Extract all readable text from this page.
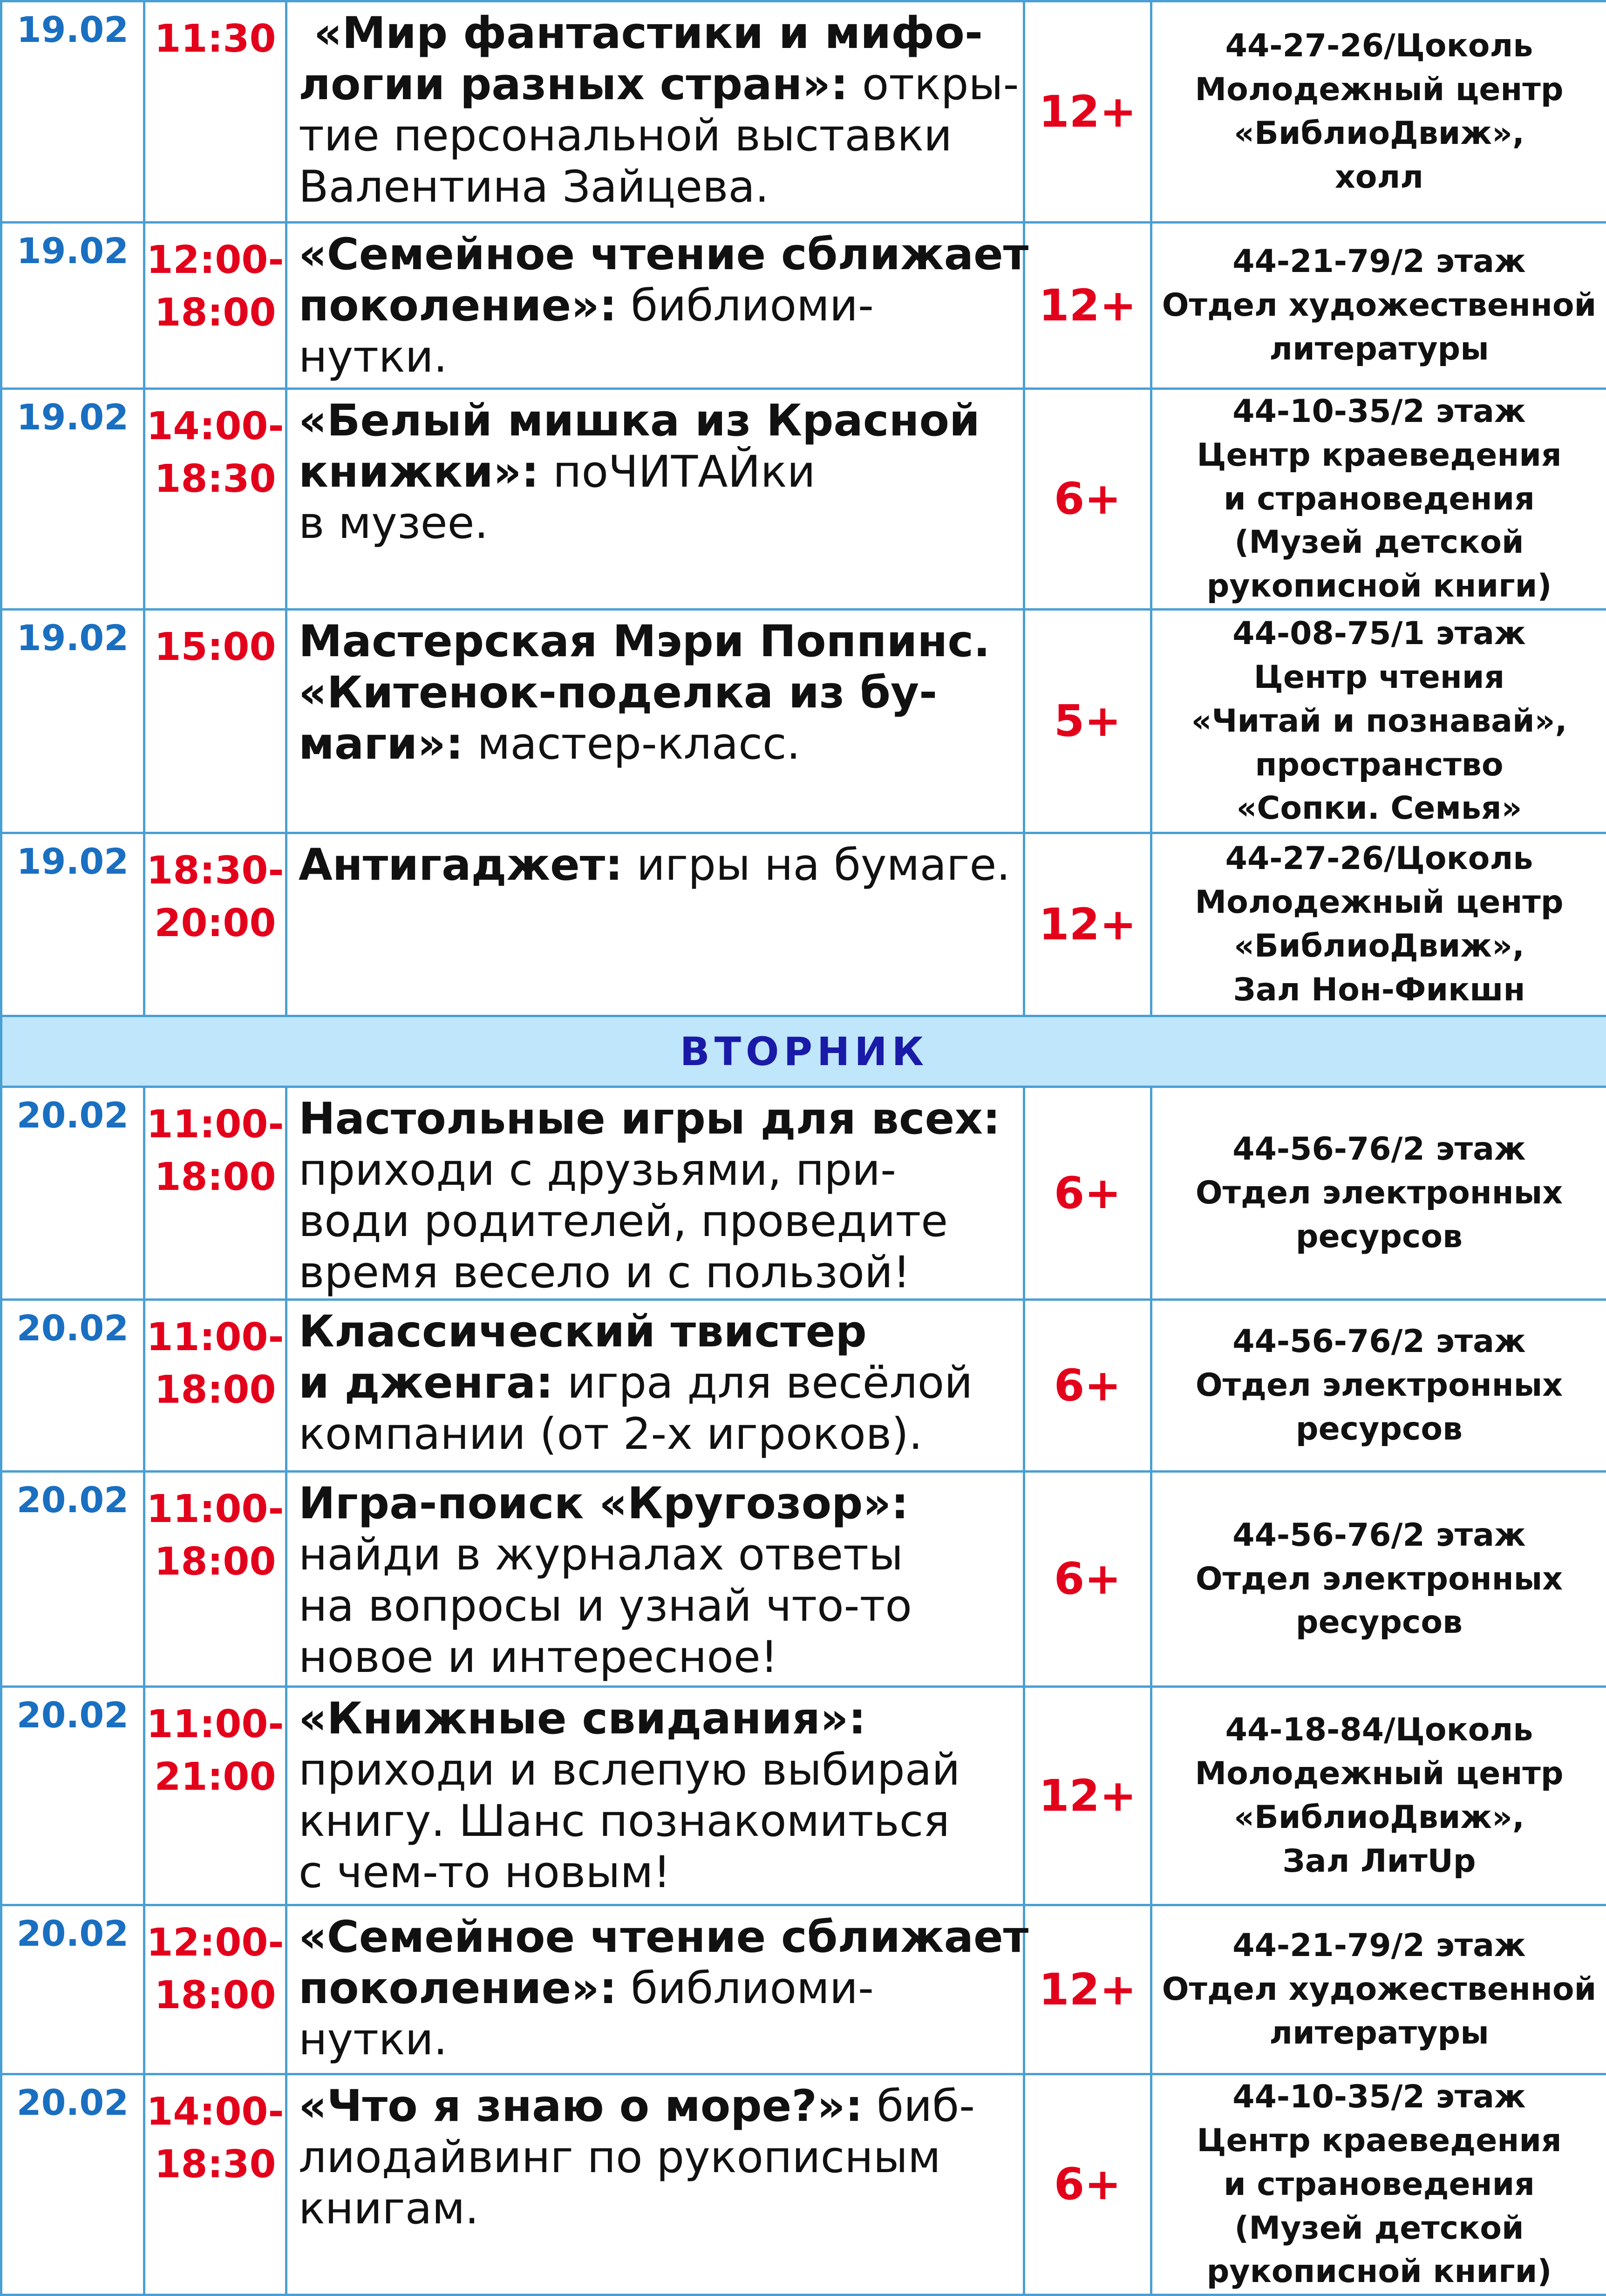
19.02	11:30	«Мир фантастики и мифо-
логии разных стран»: откры-
тие персональной выставки
Валентина Зайцева.	12+	44-27-26/Цоколь
Молодежный центр
«БиблиоДвиж»,
холл

19.02	12:00-
18:00	«Семейное чтение сближает
поколение»: библиоми-
нутки.	12+	44-21-79/2 этаж
Отдел художественной
литературы

19.02	14:00-
18:30	«Белый мишка из Красной
книжки»: поЧИТАЙки
в музее.	6+	44-10-35/2 этаж
Центр краеведения
и страноведения
(Музей детской
рукописной книги)

19.02	15:00	Мастерская Мэри Поппинс.
«Китенок-поделка из бу-
маги»: мастер-класс.	5+	44-08-75/1 этаж
Центр чтения
«Читай и познавай»,
пространство
«Сопки. Семья»

19.02	18:30-
20:00	Антигаджет: игры на бумаге.	12+	44-27-26/Цоколь
Молодежный центр
«БиблиоДвиж»,
Зал Нон-Фикшн

ВТОРНИК				
20.02	11:00-
18:00	Настольные игры для всех:
приходи с друзьями, при-
води родителей, проведите
время весело и с пользой!	6+	44-56-76/2 этаж
Отдел электронных
ресурсов

20.02	11:00-
18:00	Классический твистер
и дженга: игра для весёлой
компании (от 2-х игроков).	6+	44-56-76/2 этаж
Отдел электронных
ресурсов

20.02	11:00-
18:00	Игра-поиск «Кругозор»:
найди в журналах ответы
на вопросы и узнай что-то
новое и интересное!	6+	44-56-76/2 этаж
Отдел электронных
ресурсов

20.02	11:00-
21:00	«Книжные свидания»:
приходи и вслепую выбирай
книгу. Шанс познакомиться
с чем-то новым!	12+	44-18-84/Цоколь
Молодежный центр
«БиблиоДвиж»,
Зал ЛитUp

20.02	12:00-
18:00	«Семейное чтение сближает
поколение»: библиоми-
нутки.	12+	44-21-79/2 этаж
Отдел художественной
литературы

20.02	14:00-
18:30	«Что я знаю о море?»: биб-
лиодайвинг по рукописным
книгам.	6+	44-10-35/2 этаж
Центр краеведения
и страноведения
(Музей детской
рукописной книги)
